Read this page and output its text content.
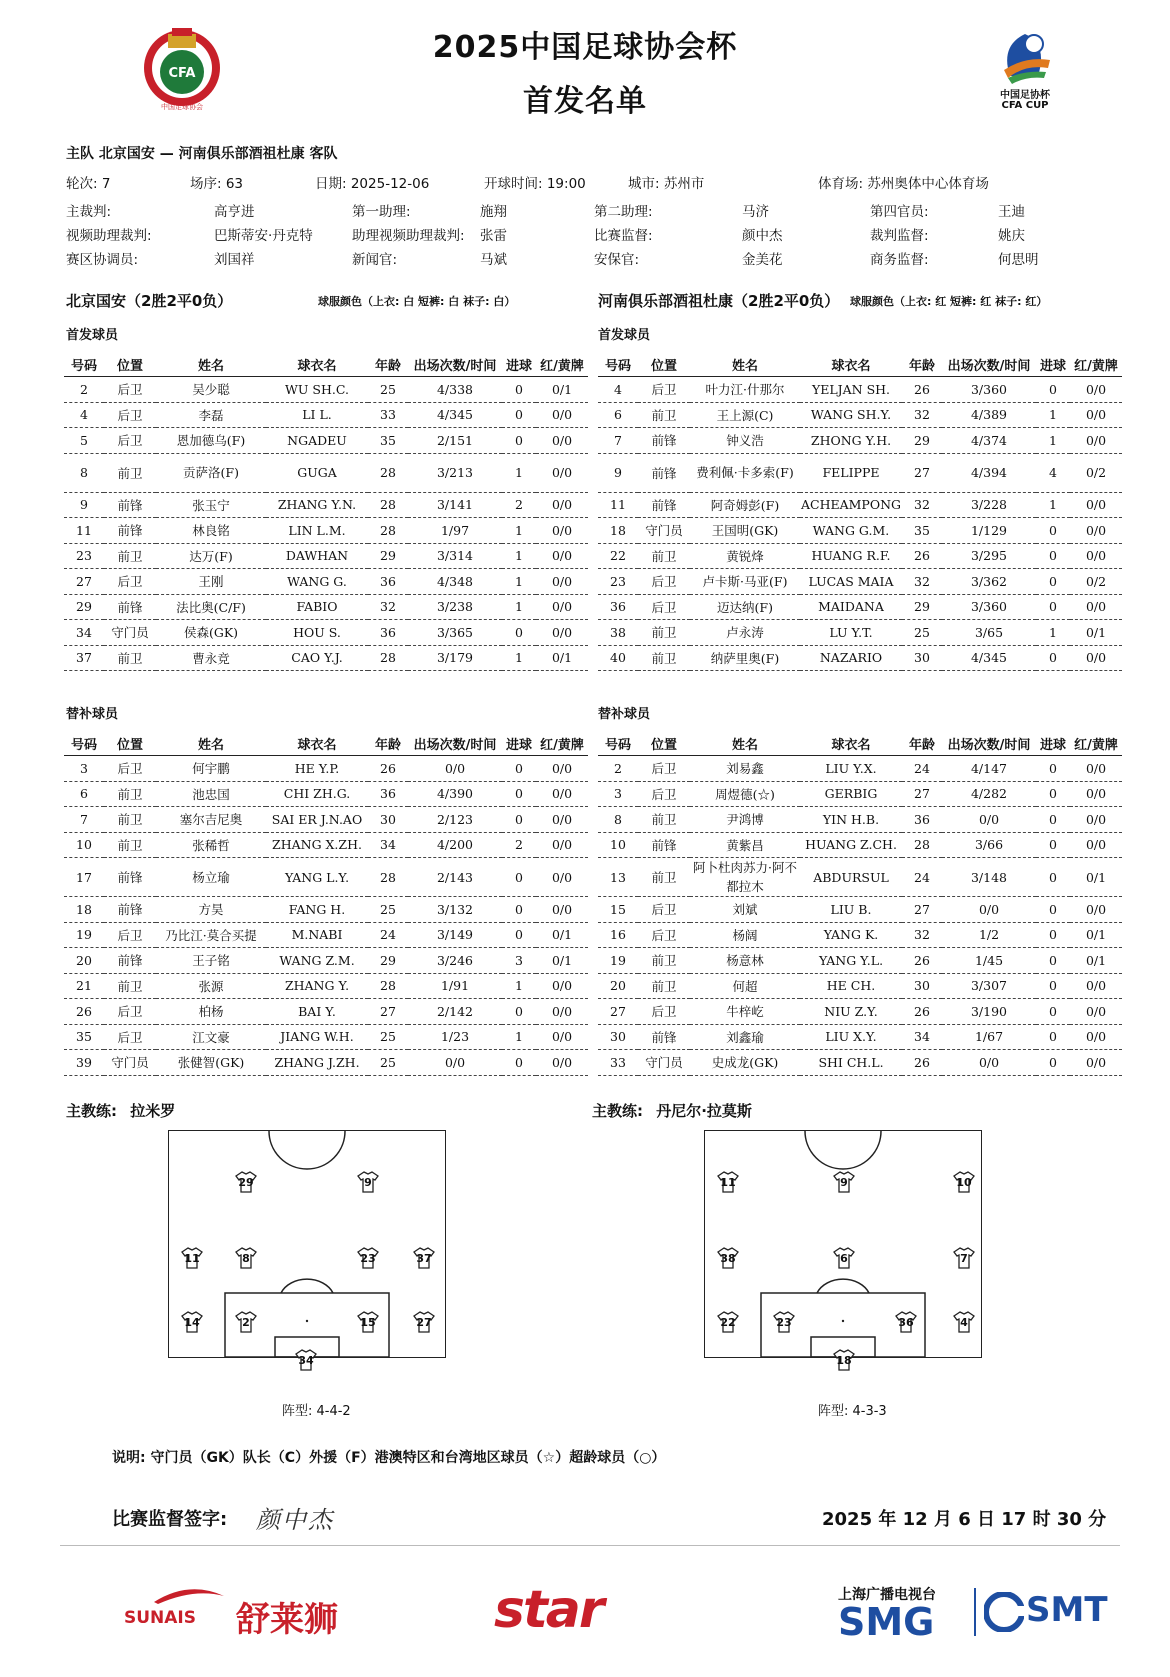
CFA
中国足球协会
2025中国足球协会杯
首发名单	中国足协杯
CFA CUP
主队 北京国安 — 河南俱乐部酒祖杜康 客队
轮次: 7	场序: 63	日期: 2025-12-06	开球时间: 19:00	城市: 苏州市	体育场: 苏州奥体中心体育场
主裁判:	高亨进	第一助理:	施翔	第二助理:	马济	第四官员:	王迪
视频助理裁判:	巴斯蒂安·丹克特	助理视频助理裁判: 张雷	比赛监督:	颜中杰	裁判监督:	姚庆
赛区协调员:	刘国祥	新闻官:	马斌	安保官:	金美花	商务监督:	何思明
北京国安（2胜2平0负）	球服颜色（上衣: 白 短裤: 白 袜子: 白）	河南俱乐部酒祖杜康（2胜2平0负） 球服颜色（上衣: 红 短裤: 红 袜子: 红）
首发球员	首发球员
号码	位置	姓名	球衣名	年龄	出场次数/时间	进球	红/黄牌
2	后卫	吴少聪	WU SH.C.	25	4/338	0	0/1
4	后卫	李磊	LI L.	33	4/345	0	0/0
5	后卫	恩加德乌(F)	NGADEU	35	2/151	0	0/0
8	前卫	贡萨洛(F)	GUGA	28	3/213	1	0/0
9	前锋	张玉宁	ZHANG Y.N.	28	3/141	2	0/0
11	前锋	林良铭	LIN L.M.	28	1/97	1	0/0
23	前卫	达万(F)	DAWHAN	29	3/314	1	0/0
27	后卫	王刚	WANG G.	36	4/348	1	0/0
29	前锋	法比奥(C/F)	FABIO	32	3/238	1	0/0
34	守门员	侯森(GK)	HOU S.	36	3/365	0	0/0
37	前卫	曹永竞	CAO Y.J.	28	3/179	1	0/1
号码	位置	姓名	球衣名	年龄	出场次数/时间	进球	红/黄牌
4	后卫	叶力江·什那尔	YELJAN SH.	26	3/360	0	0/0
6	前卫	王上源(C)	WANG SH.Y.	32	4/389	1	0/0
7	前锋	钟义浩	ZHONG Y.H.	29	4/374	1	0/0
9	前锋	费利佩·卡多索(F)	FELIPPE	27	4/394	4	0/2
11	前锋	阿奇姆彭(F)	ACHEAMPONG	32	3/228	1	0/0
18	守门员	王国明(GK)	WANG G.M.	35	1/129	0	0/0
22	前卫	黄锐烽	HUANG R.F.	26	3/295	0	0/0
23	后卫	卢卡斯·马亚(F)	LUCAS MAIA	32	3/362	0	0/2
36	后卫	迈达纳(F)	MAIDANA	29	3/360	0	0/0
38	前卫	卢永涛	LU Y.T.	25	3/65	1	0/1
40	前卫	纳萨里奥(F)	NAZARIO	30	4/345	0	0/0
替补球员	替补球员
号码	位置	姓名	球衣名	年龄	出场次数/时间	进球	红/黄牌
3	后卫	何宇鹏	HE Y.P.	26	0/0	0	0/0
6	前卫	池忠国	CHI ZH.G.	36	4/390	0	0/0
7	前卫	塞尔吉尼奥	SAI ER J.N.AO	30	2/123	0	0/0
10	前卫	张稀哲	ZHANG X.ZH.	34	4/200	2	0/0
17	前锋	杨立瑜	YANG L.Y.	28	2/143	0	0/0
18	前锋	方昊	FANG H.	25	3/132	0	0/0
19	后卫	乃比江·莫合买提	M.NABI	24	3/149	0	0/1
20	前锋	王子铭	WANG Z.M.	29	3/246	3	0/1
21	前卫	张源	ZHANG Y.	28	1/91	1	0/0
26	后卫	柏杨	BAI Y.	27	2/142	0	0/0
35	后卫	江文豪	JIANG W.H.	25	1/23	1	0/0
39	守门员	张健智(GK)	ZHANG J.ZH.	25	0/0	0	0/0
号码	位置	姓名	球衣名	年龄	出场次数/时间	进球	红/黄牌
2	后卫	刘易鑫	LIU Y.X.	24	4/147	0	0/0
3	后卫	周煜德(☆)	GERBIG	27	4/282	0	0/0
8	前卫	尹鸿博	YIN H.B.	36	0/0	0	0/0
10	前锋	黄紫昌	HUANG Z.CH.	28	3/66	0	0/0
13	前卫	阿卜杜肉苏力·阿不都拉木	ABDURSUL	24	3/148	0	0/1
15	后卫	刘斌	LIU B.	27	0/0	0	0/0
16	后卫	杨阔	YANG K.	32	1/2	0	0/1
19	前卫	杨意林	YANG Y.L.	26	1/45	0	0/1
20	前卫	何超	HE CH.	30	3/307	0	0/0
27	后卫	牛梓屹	NIU Z.Y.	26	3/190	0	0/0
30	前锋	刘鑫瑜	LIU X.Y.	34	1/67	0	0/0
33	守门员	史成龙(GK)	SHI CH.L.	26	0/0	0	0/0
主教练: 拉米罗	主教练: 丹尼尔·拉莫斯
29	9
11	8	23	37
14	2	15	27
34
11	9	10
38	6	7
22	23	36	4
18
阵型: 4-4-2	阵型: 4-3-3
说明: 守门员（GK）队长（C）外援（F）港澳特区和台湾地区球员（☆）超龄球员（○）
比赛监督签字: 颜中杰	2025 年 12 月 6 日 17 时 30 分
SUNAIS 舒莱狮	star	上海广播电视台
SMG	SMT
